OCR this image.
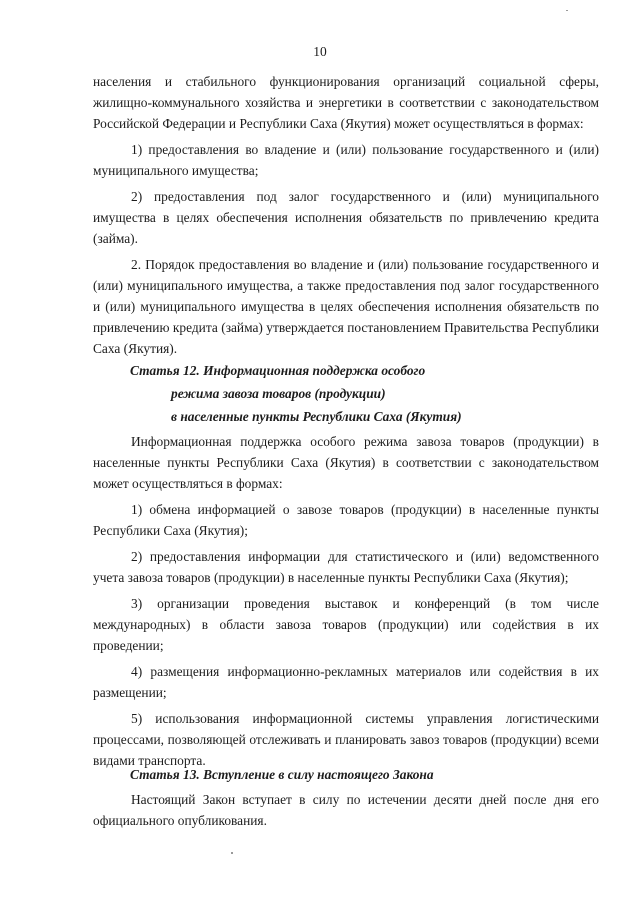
10

населения и стабильного функционирования организаций социальной сферы, жилищно-коммунального хозяйства и энергетики в соответствии с законодательством Российской Федерации и Республики Саха (Якутия) может осуществляться в формах:

1) предоставления во владение и (или) пользование государственного и (или) муниципального имущества;

2) предоставления под залог государственного и (или) муниципального имущества в целях обеспечения исполнения обязательств по привлечению кредита (займа).

2. Порядок предоставления во владение и (или) пользование государственного и (или) муниципального имущества, а также предоставления под залог государственного и (или) муниципального имущества в целях обеспечения исполнения обязательств по привлечению кредита (займа) утверждается постановлением Правительства Республики Саха (Якутия).

Статья 12. Информационная поддержка особого
режима завоза товаров (продукции)
в населенные пункты Республики Саха (Якутия)

Информационная поддержка особого режима завоза товаров (продукции) в населенные пункты Республики Саха (Якутия) в соответствии с законодательством может осуществляться в формах:

1) обмена информацией о завозе товаров (продукции) в населенные пункты Республики Саха (Якутия);

2) предоставления информации для статистического и (или) ведомственного учета завоза товаров (продукции) в населенные пункты Республики Саха (Якутия);

3) организации проведения выставок и конференций (в том числе международных) в области завоза товаров (продукции) или содействия в их проведении;

4) размещения информационно-рекламных материалов или содействия в их размещении;

5) использования информационной системы управления логистическими процессами, позволяющей отслеживать и планировать завоз товаров (продукции) всеми видами транспорта.

Статья 13. Вступление в силу настоящего Закона

Настоящий Закон вступает в силу по истечении десяти дней после дня его официального опубликования.
